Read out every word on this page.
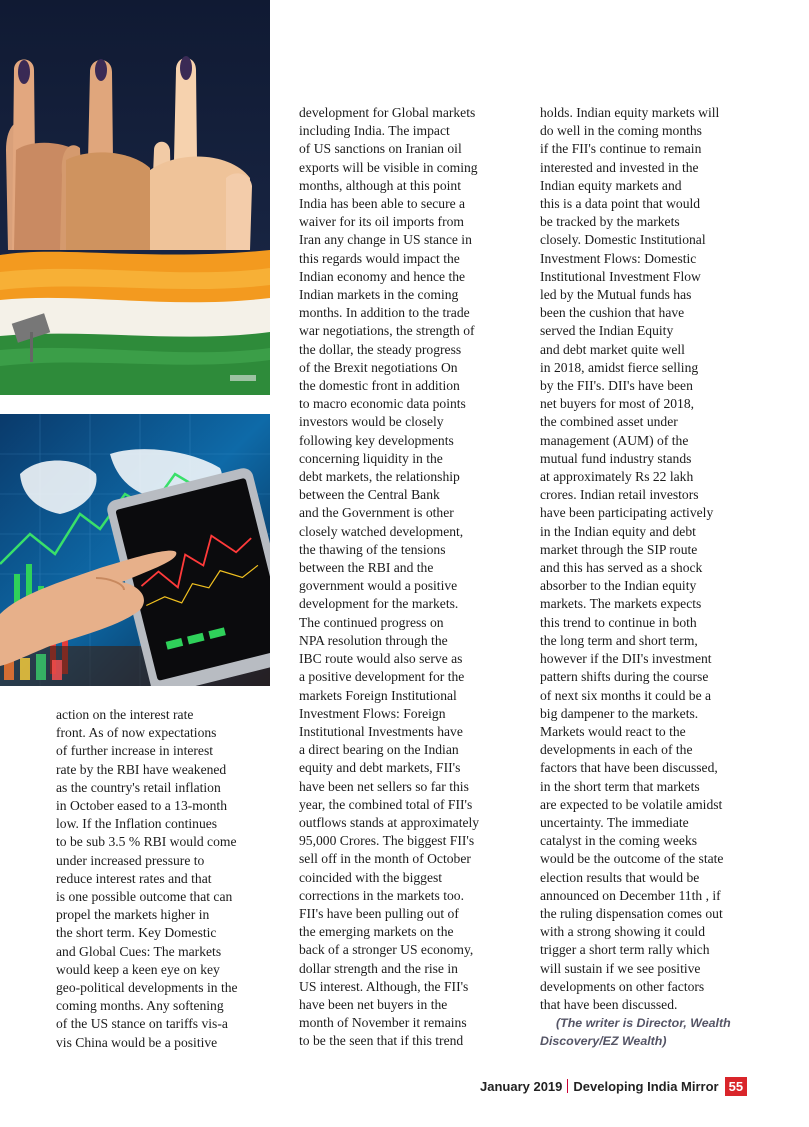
action on the interest rate
front. As of now expectations
of further increase in interest
rate by the RBI have weakened
as the country's retail inflation
in October eased to a 13-month
low. If the Inflation continues
to be sub 3.5 % RBI would come
under increased pressure to
reduce interest rates and that
is one possible outcome that can
propel the markets higher in
the short term. Key Domestic
and Global Cues: The markets
would keep a keen eye on key
geo-political developments in the
coming months. Any softening
of the US stance on tariffs vis-a
vis China would be a positive

development for Global markets
including India. The impact
of US sanctions on Iranian oil
exports will be visible in coming
months, although at this point
India has been able to secure a
waiver for its oil imports from
Iran any change in US stance in
this regards would impact the
Indian economy and hence the
Indian markets in the coming
months. In addition to the trade
war negotiations, the strength of
the dollar, the steady progress
of the Brexit negotiations On
the domestic front in addition
to macro economic data points
investors would be closely
following key developments
concerning liquidity in the
debt markets, the relationship
between the Central Bank
and the Government is other
closely watched development,
the thawing of the tensions
between the RBI and the
government would a positive
development for the markets.
The continued progress on
NPA resolution through the
IBC route would also serve as
a positive development for the
markets Foreign Institutional
Investment Flows: Foreign
Institutional Investments have
a direct bearing on the Indian
equity and debt markets, FII's
have been net sellers so far this
year, the combined total of FII's
outflows stands at approximately
95,000 Crores. The biggest FII's
sell off in the month of October
coincided with the biggest
corrections in the markets too.
FII's have been pulling out of
the emerging markets on the
back of a stronger US economy,
dollar strength and the rise in
US interest. Although, the FII's
have been net buyers in the
month of November it remains
to be the seen that if this trend

holds. Indian equity markets will
do well in the coming months
if the FII's continue to remain
interested and invested in the
Indian equity markets and
this is a data point that would
be tracked by the markets
closely. Domestic Institutional
Investment Flows: Domestic
Institutional Investment Flow
led by the Mutual funds has
been the cushion that have
served the Indian Equity
and debt market quite well
in 2018, amidst fierce selling
by the FII's. DII's have been
net buyers for most of 2018,
the combined asset under
management (AUM) of the
mutual fund industry stands
at approximately Rs 22 lakh
crores. Indian retail investors
have been participating actively
in the Indian equity and debt
market through the SIP route
and this has served as a shock
absorber to the Indian equity
markets. The markets expects
this trend to continue in both
the long term and short term,
however if the DII's investment
pattern shifts during the course
of next six months it could be a
big dampener to the markets.
Markets would react to the
developments in each of the
factors that have been discussed,
in the short term that markets
are expected to be volatile amidst
uncertainty. The immediate
catalyst in the coming weeks
would be the outcome of the state
election results that would be
announced on December 11th , if
the ruling dispensation comes out
with a strong showing it could
trigger a short term rally which
will sustain if we see positive
developments on other factors
that have been discussed.
(The writer is Director, Wealth
Discovery/EZ Wealth)

January 2019 Developing India Mirror 55
